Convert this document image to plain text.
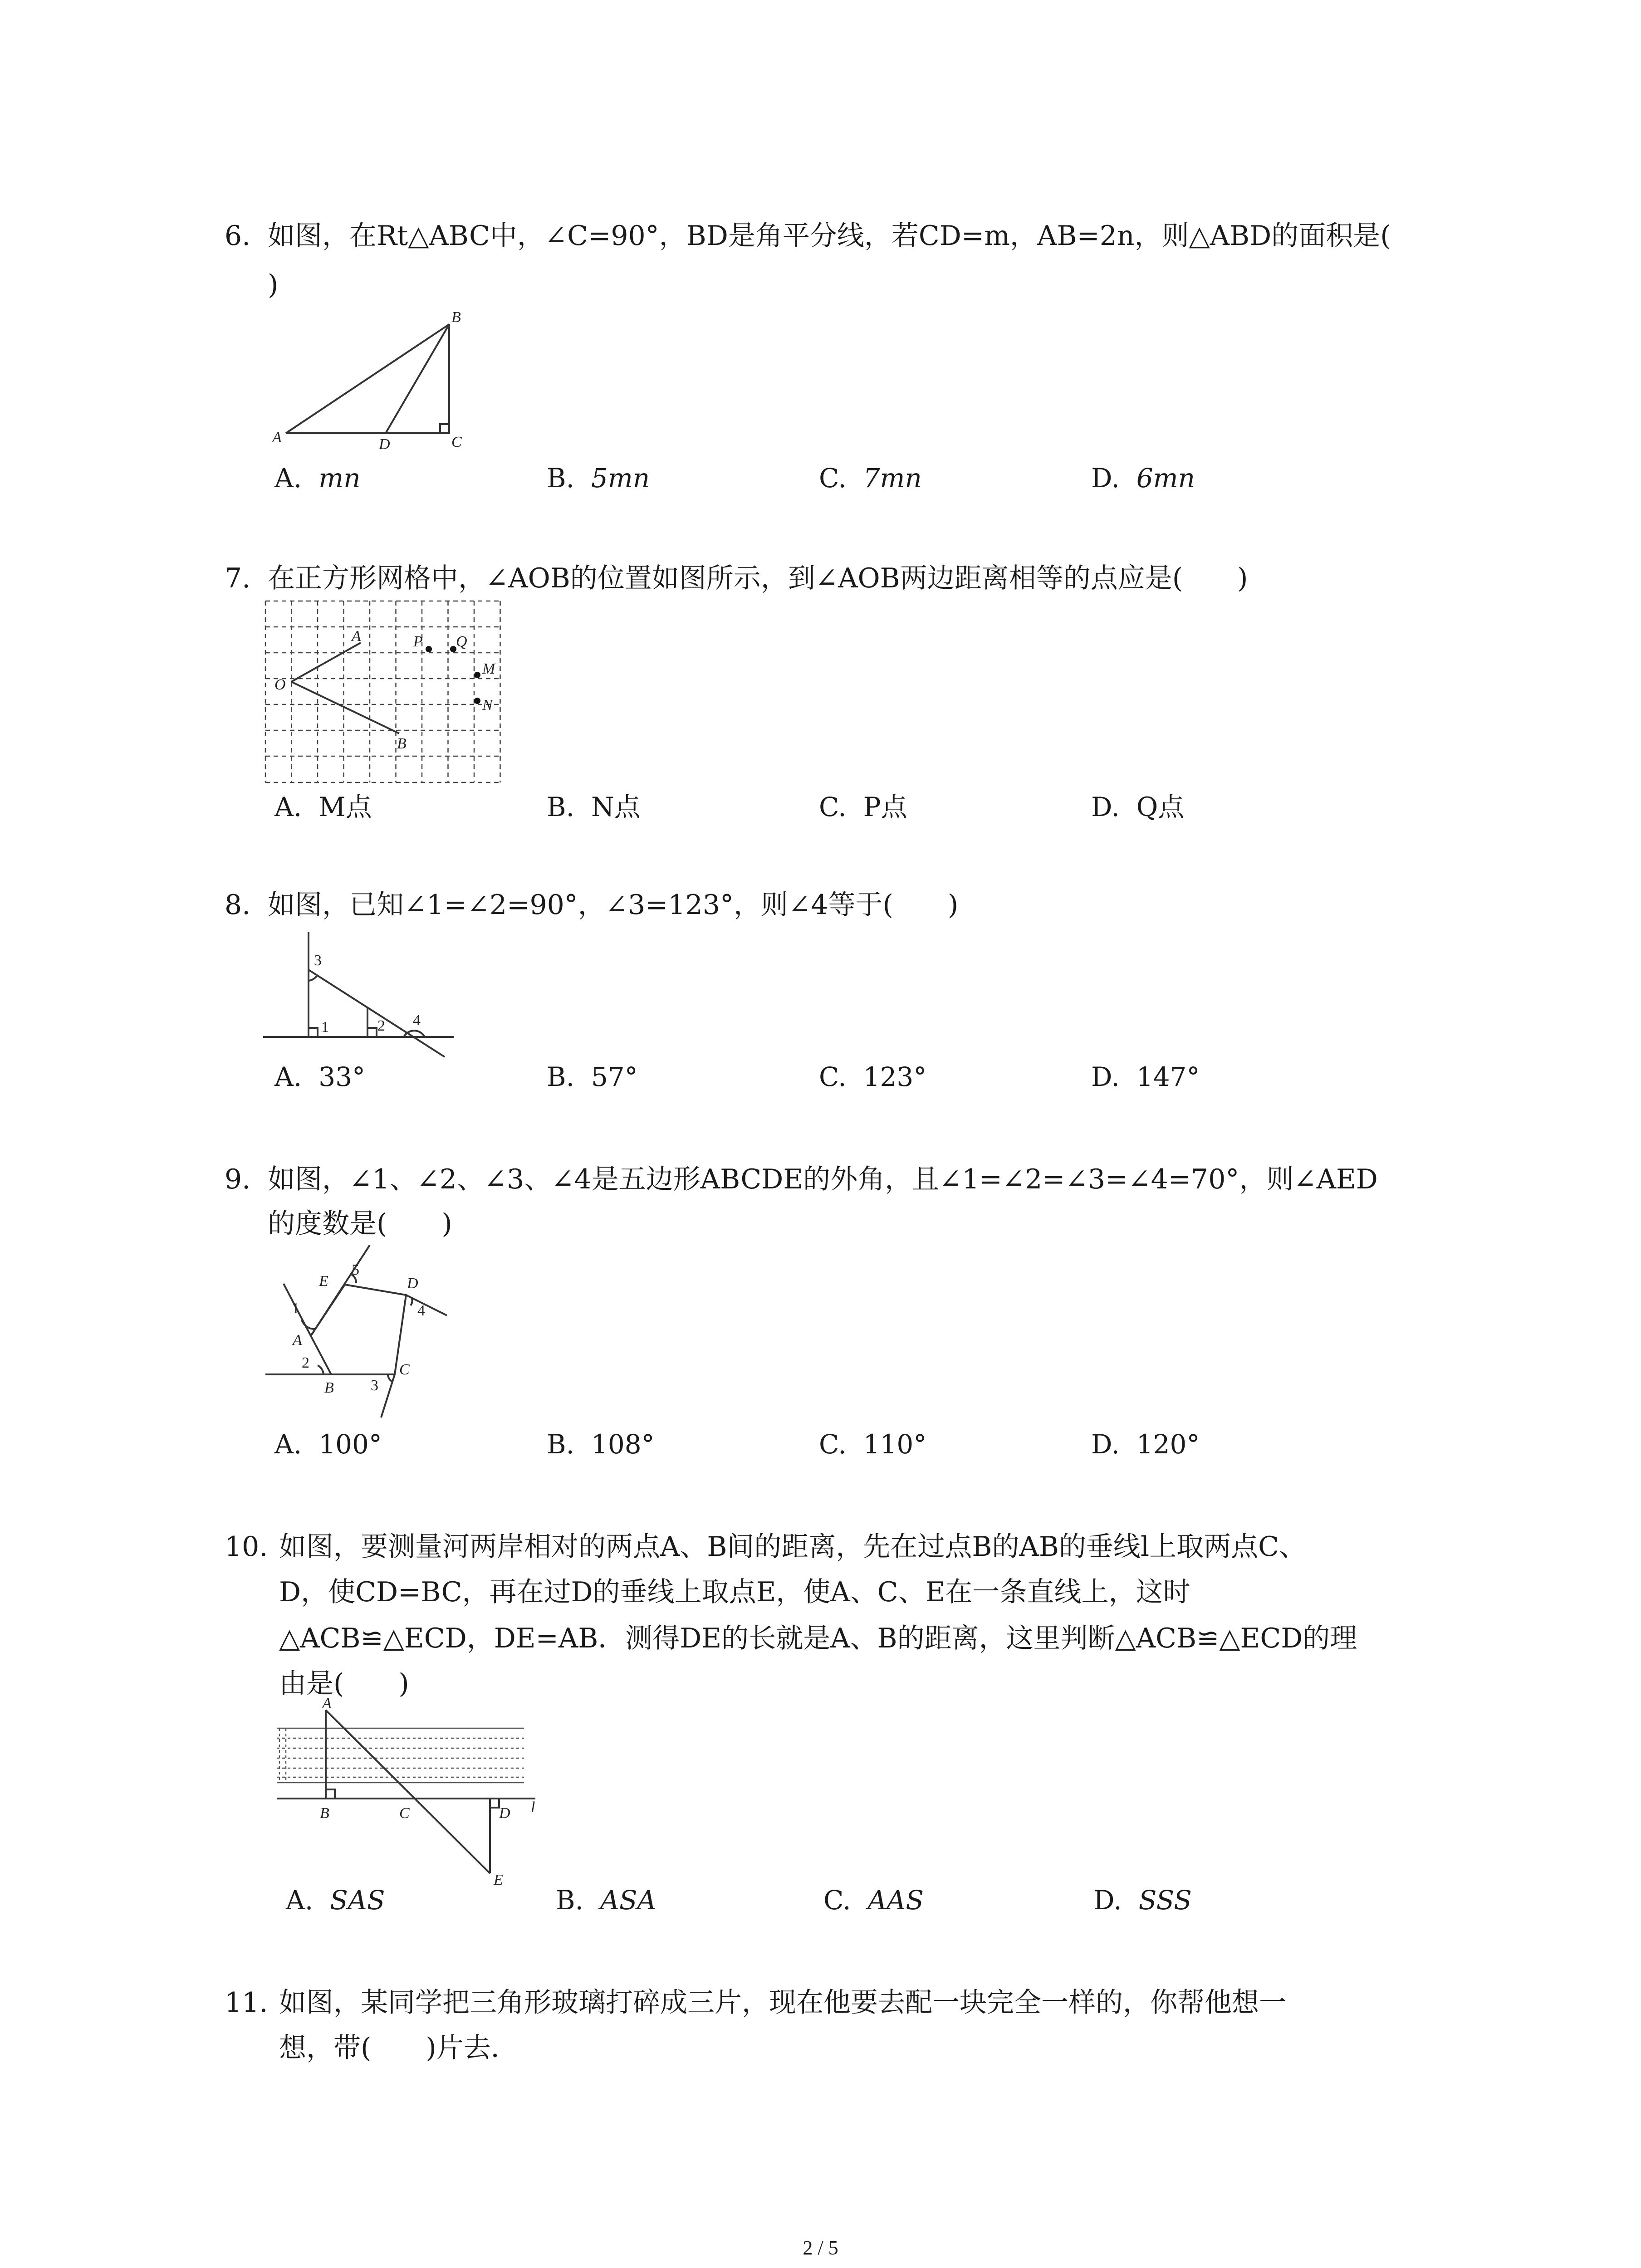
6. 如图，在Rt△ABC中，∠C=90°，BD是角平分线，若CD=m，AB=2n，则△ABD的面积是(
)
A
B
C
D
A. mn	B. 5mn	C. 7mn	D. 6mn
7. 在正方形网格中，∠AOB的位置如图所示，到∠AOB两边距离相等的点应是(　　)
O
A
B
P Q
M
N
A. M点	B. N点	C. P点	D. Q点
8. 如图，已知∠1=∠2=90°，∠3=123°，则∠4等于(　　)
3
1	2 4
A. 33°	B. 57°	C. 123°	D. 147°
9. 如图，∠1、∠2、∠3、∠4是五边形ABCDE的外角，且∠1=∠2=∠3=∠4=70°，则∠AED
的度数是(　　)
1
2
3
4
5
A
B
C
D
E
A. 100°	B. 108°	C. 110°	D. 120°
10. 如图，要测量河两岸相对的两点A、B间的距离，先在过点B的AB的垂线l上取两点C、
D，使CD=BC，再在过D的垂线上取点E，使A、C、E在一条直线上，这时
△ACB≌△ECD，DE=AB．测得DE的长就是A、B的距离，这里判断△ACB≌△ECD的理
由是(　　)
A
B	C	D
E
l
A. SAS	B. ASA	C. AAS	D. SSS
11. 如图，某同学把三角形玻璃打碎成三片，现在他要去配一块完全一样的，你帮他想一
想，带(　　)片去．
2 / 5
